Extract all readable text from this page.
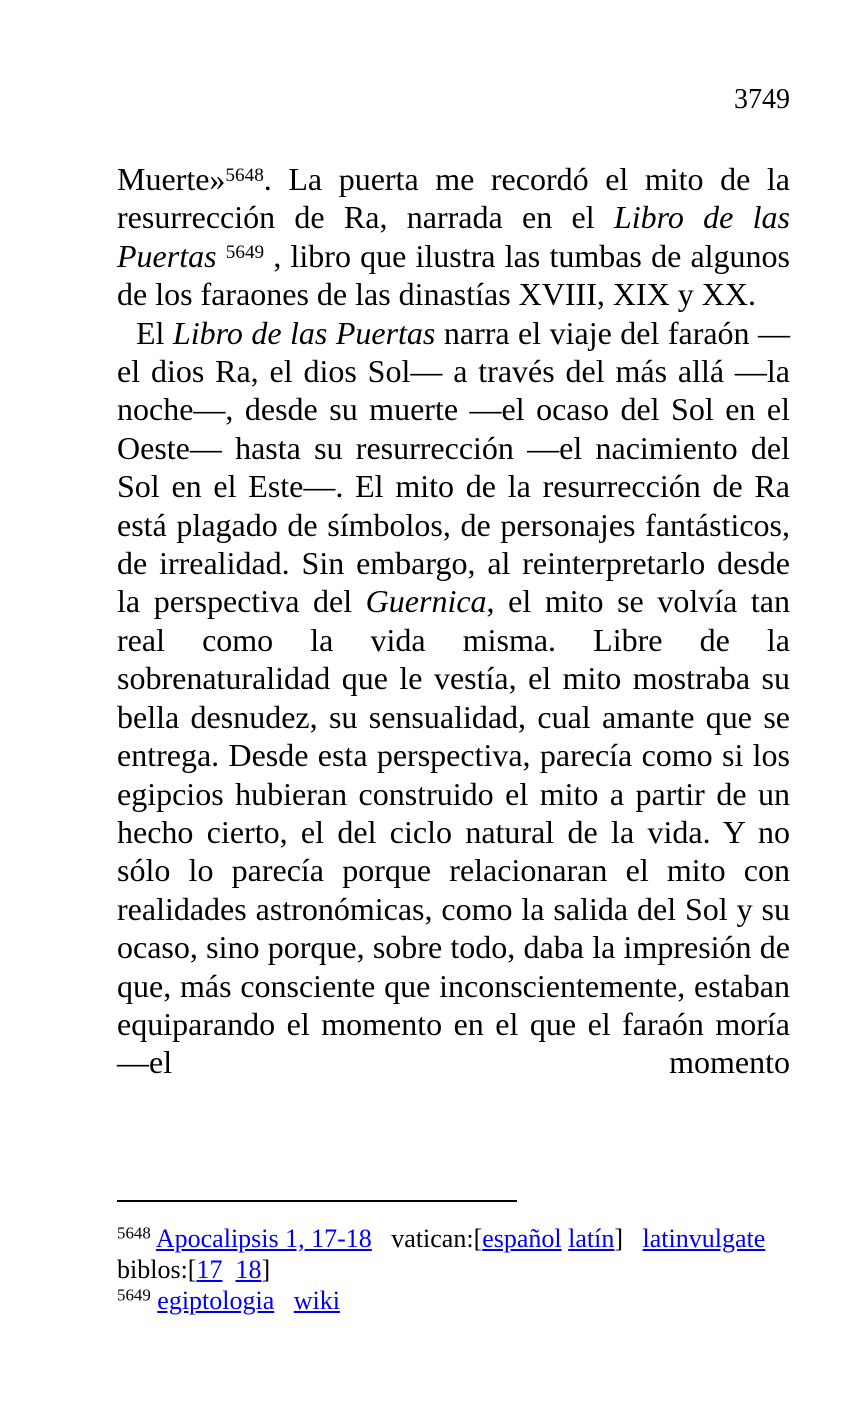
3749

Muerte»$^{5648}$. La puerta me recordó el mito de la resurrección de Ra, narrada en el Libro de las Puertas $^{5649}$ , libro que ilustra las tumbas de algunos de los faraones de las dinastías XVIII, XIX y XX.

El Libro de las Puertas narra el viaje del faraón —el dios Ra, el dios Sol— a través del más allá —la noche—, desde su muerte —el ocaso del Sol en el Oeste— hasta su resurrección —el nacimiento del Sol en el Este—. El mito de la resurrección de Ra está plagado de símbolos, de personajes fantásticos, de irrealidad. Sin embargo, al reinterpretarlo desde la perspectiva del Guernica, el mito se volvía tan real como la vida misma. Libre de la sobrenaturalidad que le vestía, el mito mostraba su bella desnudez, su sensualidad, cual amante que se entrega. Desde esta perspectiva, parecía como si los egipcios hubieran construido el mito a partir de un hecho cierto, el del ciclo natural de la vida. Y no sólo lo parecía porque relacionaran el mito con realidades astronómicas, como la salida del Sol y su ocaso, sino porque, sobre todo, daba la impresión de que, más consciente que inconscientemente, estaban equiparando el momento en el que el faraón moría —el momento

$^{5648}$ Apocalipsis 1, 17-18   vatican:[español latín]   latinvulgate
biblos:[17 18]
$^{5649}$ egiptologia wiki
